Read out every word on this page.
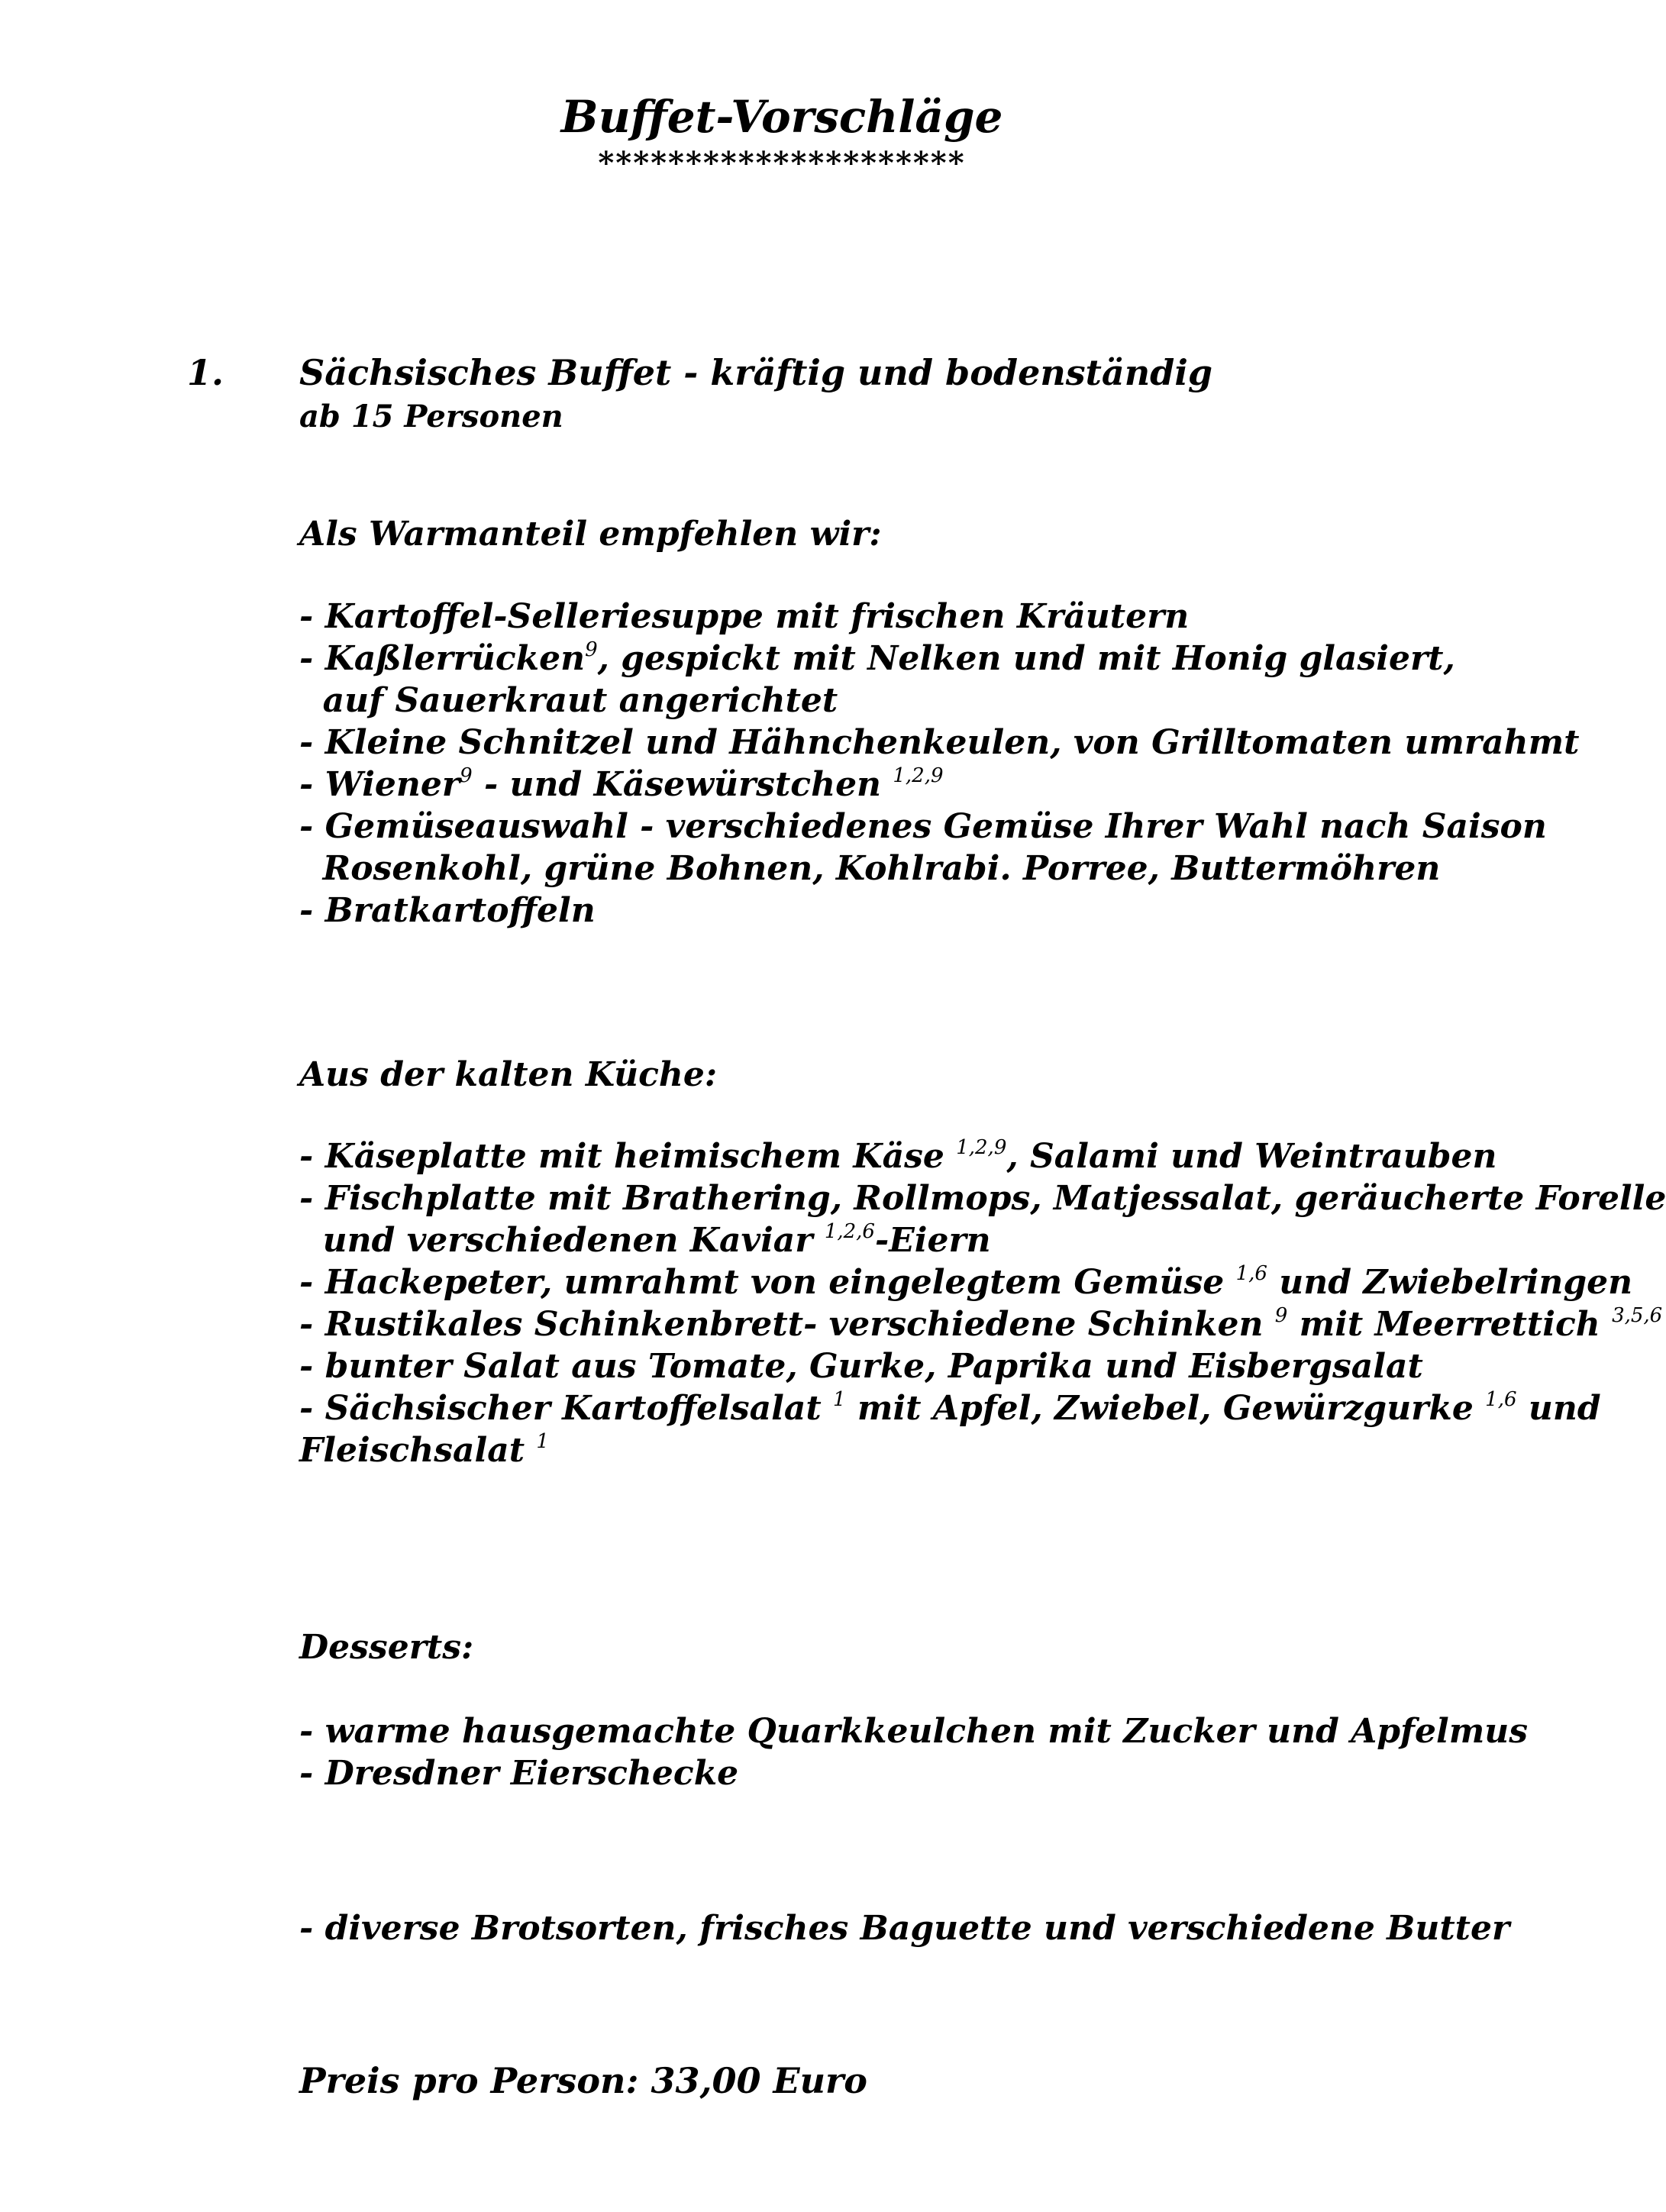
Buffet-Vorschläge
*********************
1. Sächsisches Buffet - kräftig und bodenständig
ab 15 Personen
Als Warmanteil empfehlen wir:
- Kartoffel-Selleriesuppe mit frischen Kräutern
- Kaßlerrücken$^9$, gespickt mit Nelken und mit Honig glasiert,
auf Sauerkraut angerichtet
- Kleine Schnitzel und Hähnchenkeulen, von Grilltomaten umrahmt
- Wiener$^9$ - und Käsewürstchen $^{1,2,9}$
- Gemüseauswahl - verschiedenes Gemüse Ihrer Wahl nach Saison
Rosenkohl, grüne Bohnen, Kohlrabi. Porree, Buttermöhren
- Bratkartoffeln
Aus der kalten Küche:
- Käseplatte mit heimischem Käse $^{1,2,9}$, Salami und Weintrauben
- Fischplatte mit Brathering, Rollmops, Matjessalat, geräucherte Forelle
und verschiedenen Kaviar $^{1,2,6}$-Eiern
- Hackepeter, umrahmt von eingelegtem Gemüse $^{1,6}$ und Zwiebelringen
- Rustikales Schinkenbrett- verschiedene Schinken $^9$ mit Meerrettich $^{3,5,6}$
- bunter Salat aus Tomate, Gurke, Paprika und Eisbergsalat
- Sächsischer Kartoffelsalat $^1$ mit Apfel, Zwiebel, Gewürzgurke $^{1,6}$ und
Fleischsalat $^1$
Desserts:
- warme hausgemachte Quarkkeulchen mit Zucker und Apfelmus
- Dresdner Eierschecke
- diverse Brotsorten, frisches Baguette und verschiedene Butter
Preis pro Person: 33,00 Euro
